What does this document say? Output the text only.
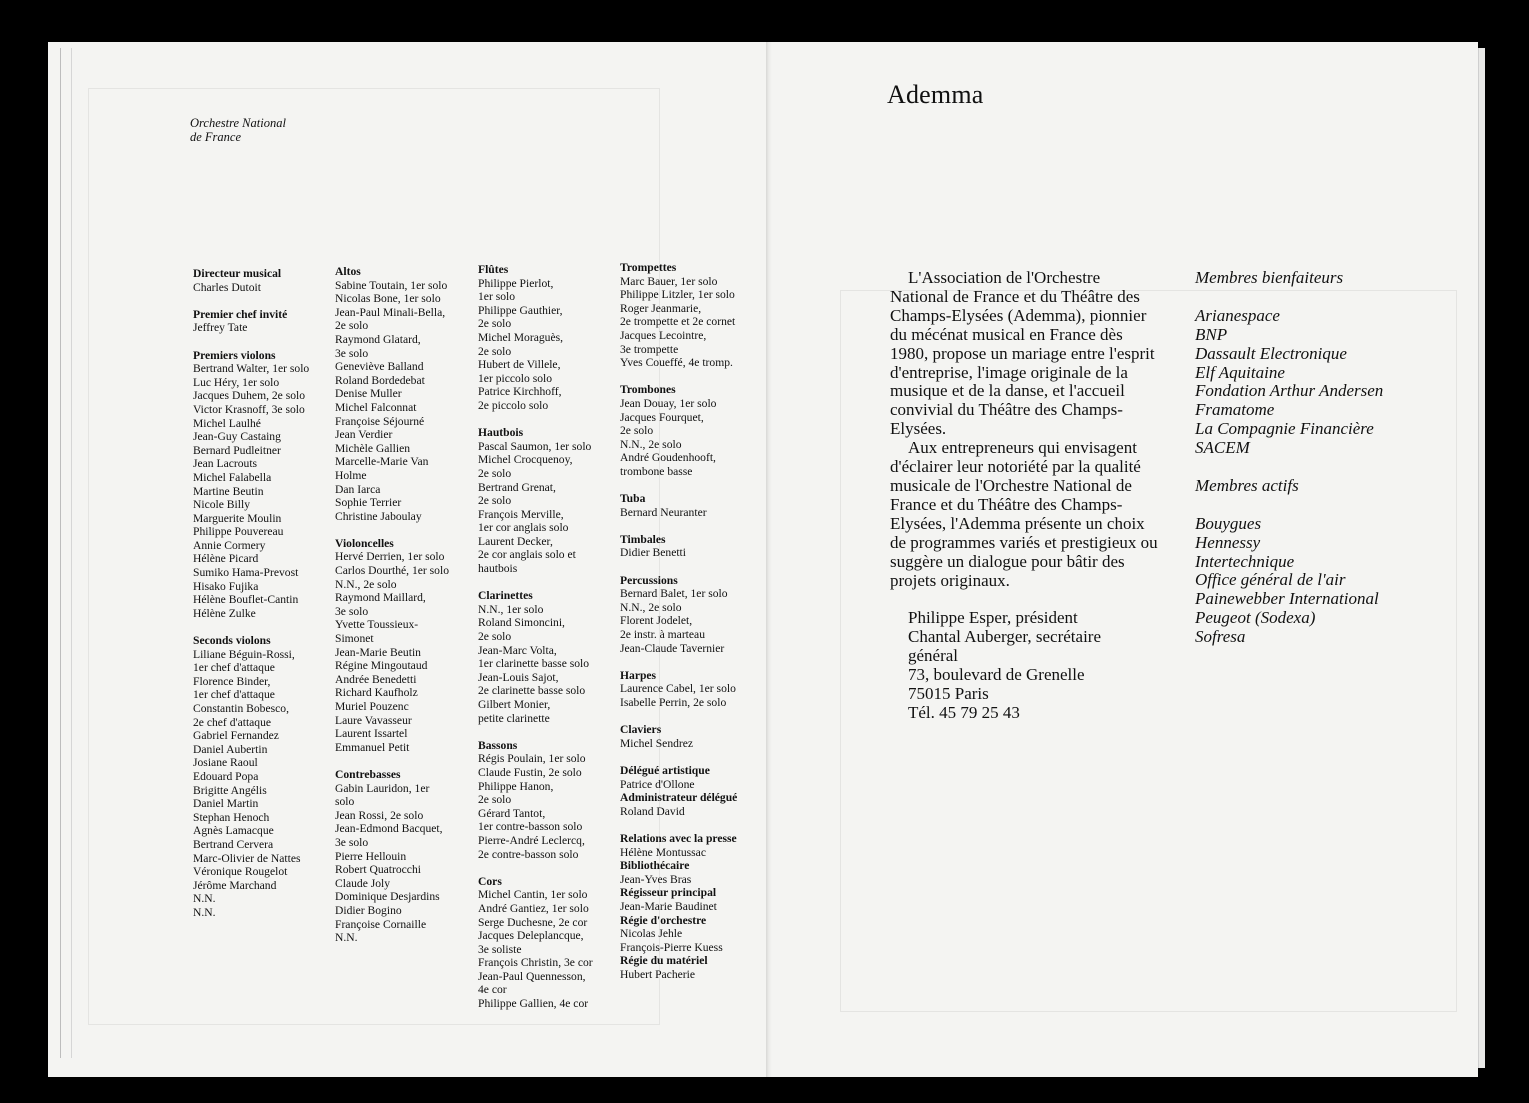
Orchestre National
de France
Directeur musical
Charles Dutoit
Premier chef invité
Jeffrey Tate
Premiers violons
Bertrand Walter, 1er solo
Luc Héry, 1er solo
Jacques Duhem, 2e solo
Victor Krasnoff, 3e solo
Michel Laulhé
Jean-Guy Castaing
Bernard Pudleitner
Jean Lacrouts
Michel Falabella
Martine Beutin
Nicole Billy
Marguerite Moulin
Philippe Pouvereau
Annie Cormery
Hélène Picard
Sumiko Hama-Prevost
Hisako Fujika
Hélène Bouflet-Cantin
Hélène Zulke
Seconds violons
Liliane Béguin-Rossi,
1er chef d'attaque
Florence Binder,
1er chef d'attaque
Constantin Bobesco,
2e chef d'attaque
Gabriel Fernandez
Daniel Aubertin
Josiane Raoul
Edouard Popa
Brigitte Angélis
Daniel Martin
Stephan Henoch
Agnès Lamacque
Bertrand Cervera
Marc-Olivier de Nattes
Véronique Rougelot
Jérôme Marchand
N.N.
N.N.
Altos
Sabine Toutain, 1er solo
Nicolas Bone, 1er solo
Jean-Paul Minali-Bella,
2e solo
Raymond Glatard,
3e solo
Geneviève Balland
Roland Bordedebat
Denise Muller
Michel Falconnat
Françoise Séjourné
Jean Verdier
Michèle Gallien
Marcelle-Marie Van
Holme
Dan Iarca
Sophie Terrier
Christine Jaboulay
Violoncelles
Hervé Derrien, 1er solo
Carlos Dourthé, 1er solo
N.N., 2e solo
Raymond Maillard,
3e solo
Yvette Toussieux-
Simonet
Jean-Marie Beutin
Régine Mingoutaud
Andrée Benedetti
Richard Kaufholz
Muriel Pouzenc
Laure Vavasseur
Laurent Issartel
Emmanuel Petit
Contrebasses
Gabin Lauridon, 1er
solo
Jean Rossi, 2e solo
Jean-Edmond Bacquet,
3e solo
Pierre Hellouin
Robert Quatrocchi
Claude Joly
Dominique Desjardins
Didier Bogino
Françoise Cornaille
N.N.
Flûtes
Philippe Pierlot,
1er solo
Philippe Gauthier,
2e solo
Michel Moraguès,
2e solo
Hubert de Villele,
1er piccolo solo
Patrice Kirchhoff,
2e piccolo solo
Hautbois
Pascal Saumon, 1er solo
Michel Crocquenoy,
2e solo
Bertrand Grenat,
2e solo
François Merville,
1er cor anglais solo
Laurent Decker,
2e cor anglais solo et
hautbois
Clarinettes
N.N., 1er solo
Roland Simoncini,
2e solo
Jean-Marc Volta,
1er clarinette basse solo
Jean-Louis Sajot,
2e clarinette basse solo
Gilbert Monier,
petite clarinette
Bassons
Régis Poulain, 1er solo
Claude Fustin, 2e solo
Philippe Hanon,
2e solo
Gérard Tantot,
1er contre-basson solo
Pierre-André Leclercq,
2e contre-basson solo
Cors
Michel Cantin, 1er solo
André Gantiez, 1er solo
Serge Duchesne, 2e cor
Jacques Deleplancque,
3e soliste
François Christin, 3e cor
Jean-Paul Quennesson,
4e cor
Philippe Gallien, 4e cor
Trompettes
Marc Bauer, 1er solo
Philippe Litzler, 1er solo
Roger Jeanmarie,
2e trompette et 2e cornet
Jacques Lecointre,
3e trompette
Yves Coueffé, 4e tromp.
Trombones
Jean Douay, 1er solo
Jacques Fourquet,
2e solo
N.N., 2e solo
André Goudenhooft,
trombone basse
Tuba
Bernard Neuranter
Timbales
Didier Benetti
Percussions
Bernard Balet, 1er solo
N.N., 2e solo
Florent Jodelet,
2e instr. à marteau
Jean-Claude Tavernier
Harpes
Laurence Cabel, 1er solo
Isabelle Perrin, 2e solo
Claviers
Michel Sendrez
Délégué artistique
Patrice d'Ollone
Administrateur délégué
Roland David
Relations avec la presse
Hélène Montussac
Bibliothécaire
Jean-Yves Bras
Régisseur principal
Jean-Marie Baudinet
Régie d'orchestre
Nicolas Jehle
François-Pierre Kuess
Régie du matériel
Hubert Pacherie
Ademma

L'Association de l'Orchestre National de France et du Théâtre des Champs-Elysées (Ademma), pionnier du mécénat musical en France dès 1980, propose un mariage entre l'esprit d'entreprise, l'image originale de la musique et de la danse, et l'accueil convivial du Théâtre des Champs-Elysées.

Aux entrepreneurs qui envisagent d'éclairer leur notoriété par la qualité musicale de l'Orchestre National de France et du Théâtre des Champs-Elysées, l'Ademma présente un choix de programmes variés et prestigieux ou suggère un dialogue pour bâtir des projets originaux.

Philippe Esper, président
Chantal Auberger, secrétaire
général
73, boulevard de Grenelle
75015 Paris
Tél. 45 79 25 43
Membres bienfaiteurs
Arianespace
BNP
Dassault Electronique
Elf Aquitaine
Fondation Arthur Andersen
Framatome
La Compagnie Financière
SACEM
Membres actifs
Bouygues
Hennessy
Intertechnique
Office général de l'air
Painewebber International
Peugeot (Sodexa)
Sofresa
